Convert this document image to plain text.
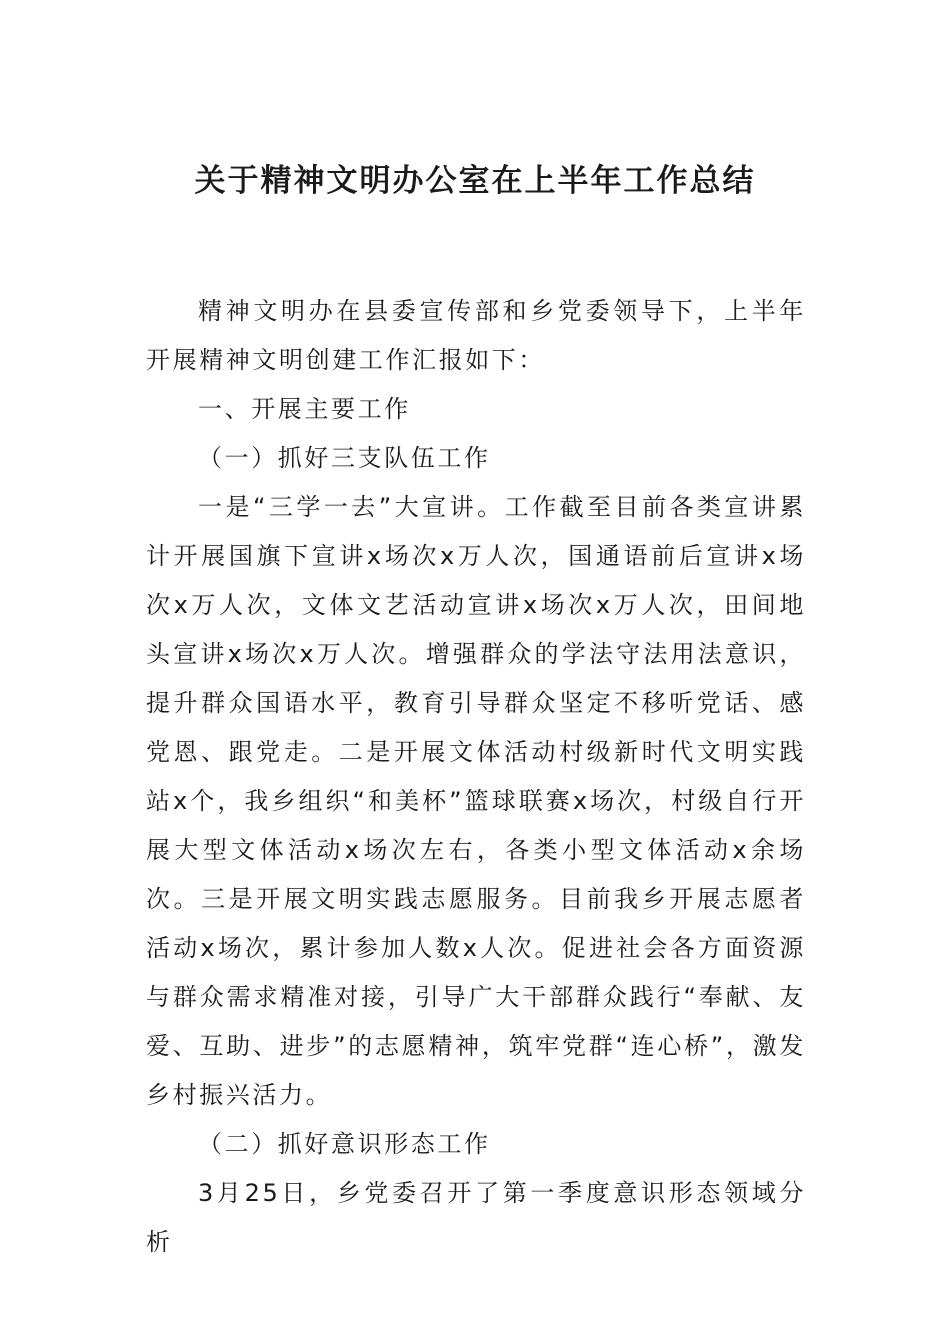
关于精神文明办公室在上半年工作总结

精神文明办在县委宣传部和乡党委领导下，上半年开展精神文明创建工作汇报如下：

一、开展主要工作

（一）抓好三支队伍工作

一是“三学一去”大宣讲。工作截至目前各类宣讲累计开展国旗下宣讲x场次x万人次，国通语前后宣讲x场次x万人次，文体文艺活动宣讲x场次x万人次，田间地头宣讲x场次x万人次。增强群众的学法守法用法意识，提升群众国语水平，教育引导群众坚定不移听党话、感党恩、跟党走。二是开展文体活动村级新时代文明实践站x个，我乡组织“和美杯”篮球联赛x场次，村级自行开展大型文体活动x场次左右，各类小型文体活动x余场次。三是开展文明实践志愿服务。目前我乡开展志愿者活动x场次，累计参加人数x人次。促进社会各方面资源与群众需求精准对接，引导广大干部群众践行“奉献、友爱、互助、进步”的志愿精神，筑牢党群“连心桥”，激发乡村振兴活力。

（二）抓好意识形态工作

3月25日，乡党委召开了第一季度意识形态领域分析
